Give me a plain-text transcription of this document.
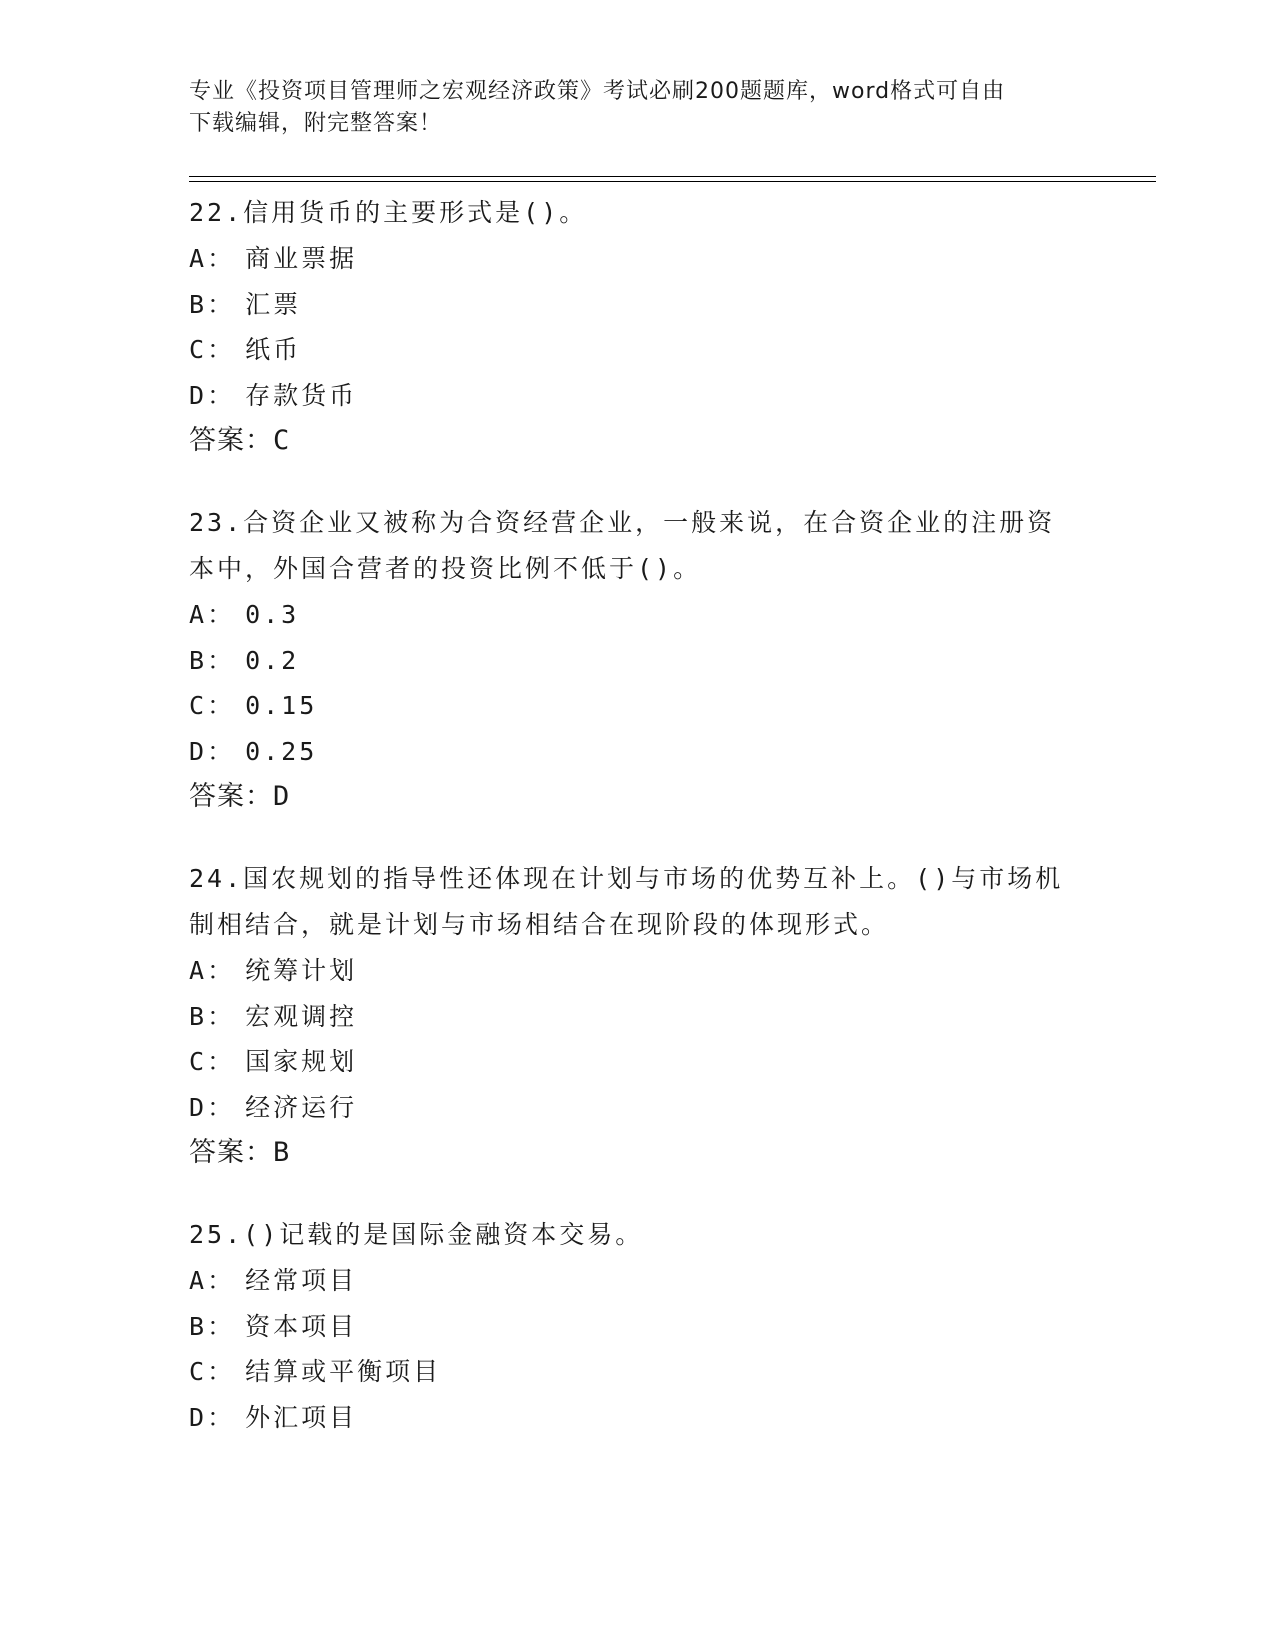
专业《投资项目管理师之宏观经济政策》考试必刷200题题库，word格式可自由
下载编辑，附完整答案！

22.信用货币的主要形式是()。

A： 商业票据

B： 汇票

C： 纸币

D： 存款货币

答案：C

23.合资企业又被称为合资经营企业，一般来说，在合资企业的注册资
本中，外国合营者的投资比例不低于()。

A： 0.3

B： 0.2

C： 0.15

D： 0.25

答案：D

24.国农规划的指导性还体现在计划与市场的优势互补上。()与市场机
制相结合，就是计划与市场相结合在现阶段的体现形式。

A： 统筹计划

B： 宏观调控

C： 国家规划

D： 经济运行

答案：B

25.()记载的是国际金融资本交易。

A： 经常项目

B： 资本项目

C： 结算或平衡项目

D： 外汇项目
